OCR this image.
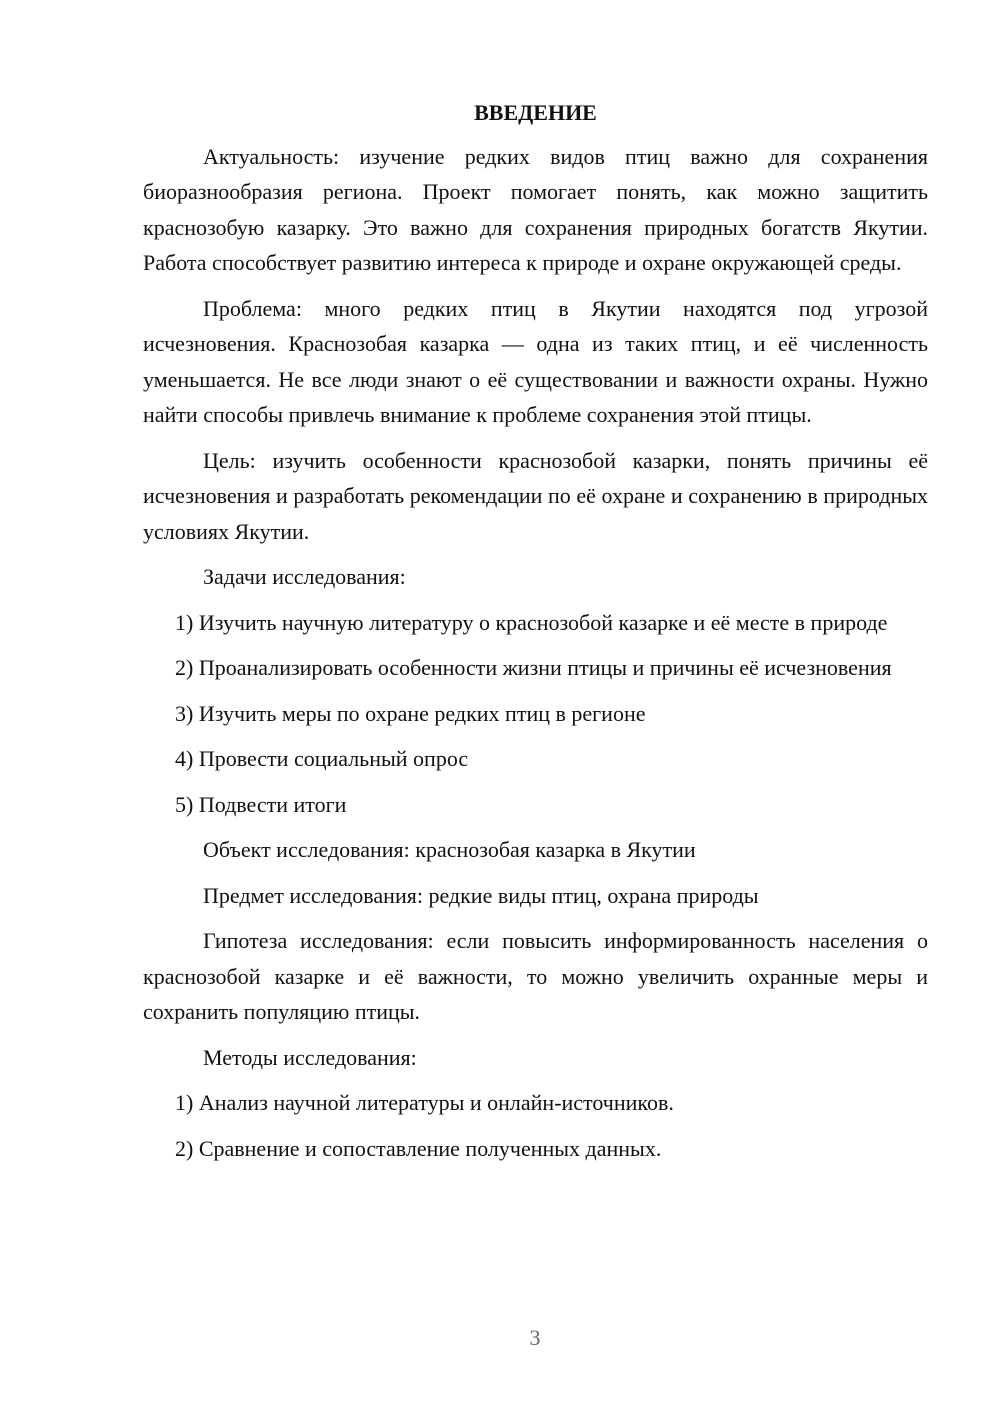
ВВЕДЕНИЕ

Актуальность: изучение редких видов птиц важно для сохранения биоразнообразия региона. Проект помогает понять, как можно защитить краснозобую казарку. Это важно для сохранения природных богатств Якутии. Работа способствует развитию интереса к природе и охране окружающей среды.

Проблема: много редких птиц в Якутии находятся под угрозой исчезновения. Краснозобая казарка — одна из таких птиц, и её численность уменьшается. Не все люди знают о её существовании и важности охраны. Нужно найти способы привлечь внимание к проблеме сохранения этой птицы.

Цель: изучить особенности краснозобой казарки, понять причины её исчезновения и разработать рекомендации по её охране и сохранению в природных условиях Якутии.

Задачи исследования:

1) Изучить научную литературу о краснозобой казарке и её месте в природе

2) Проанализировать особенности жизни птицы и причины её исчезновения

3) Изучить меры по охране редких птиц в регионе

4) Провести социальный опрос

5) Подвести итоги

Объект исследования: краснозобая казарка в Якутии

Предмет исследования: редкие виды птиц, охрана природы

Гипотеза исследования: если повысить информированность населения о краснозобой казарке и её важности, то можно увеличить охранные меры и сохранить популяцию птицы.

Методы исследования:

1) Анализ научной литературы и онлайн-источников.

2) Сравнение и сопоставление полученных данных.

3
